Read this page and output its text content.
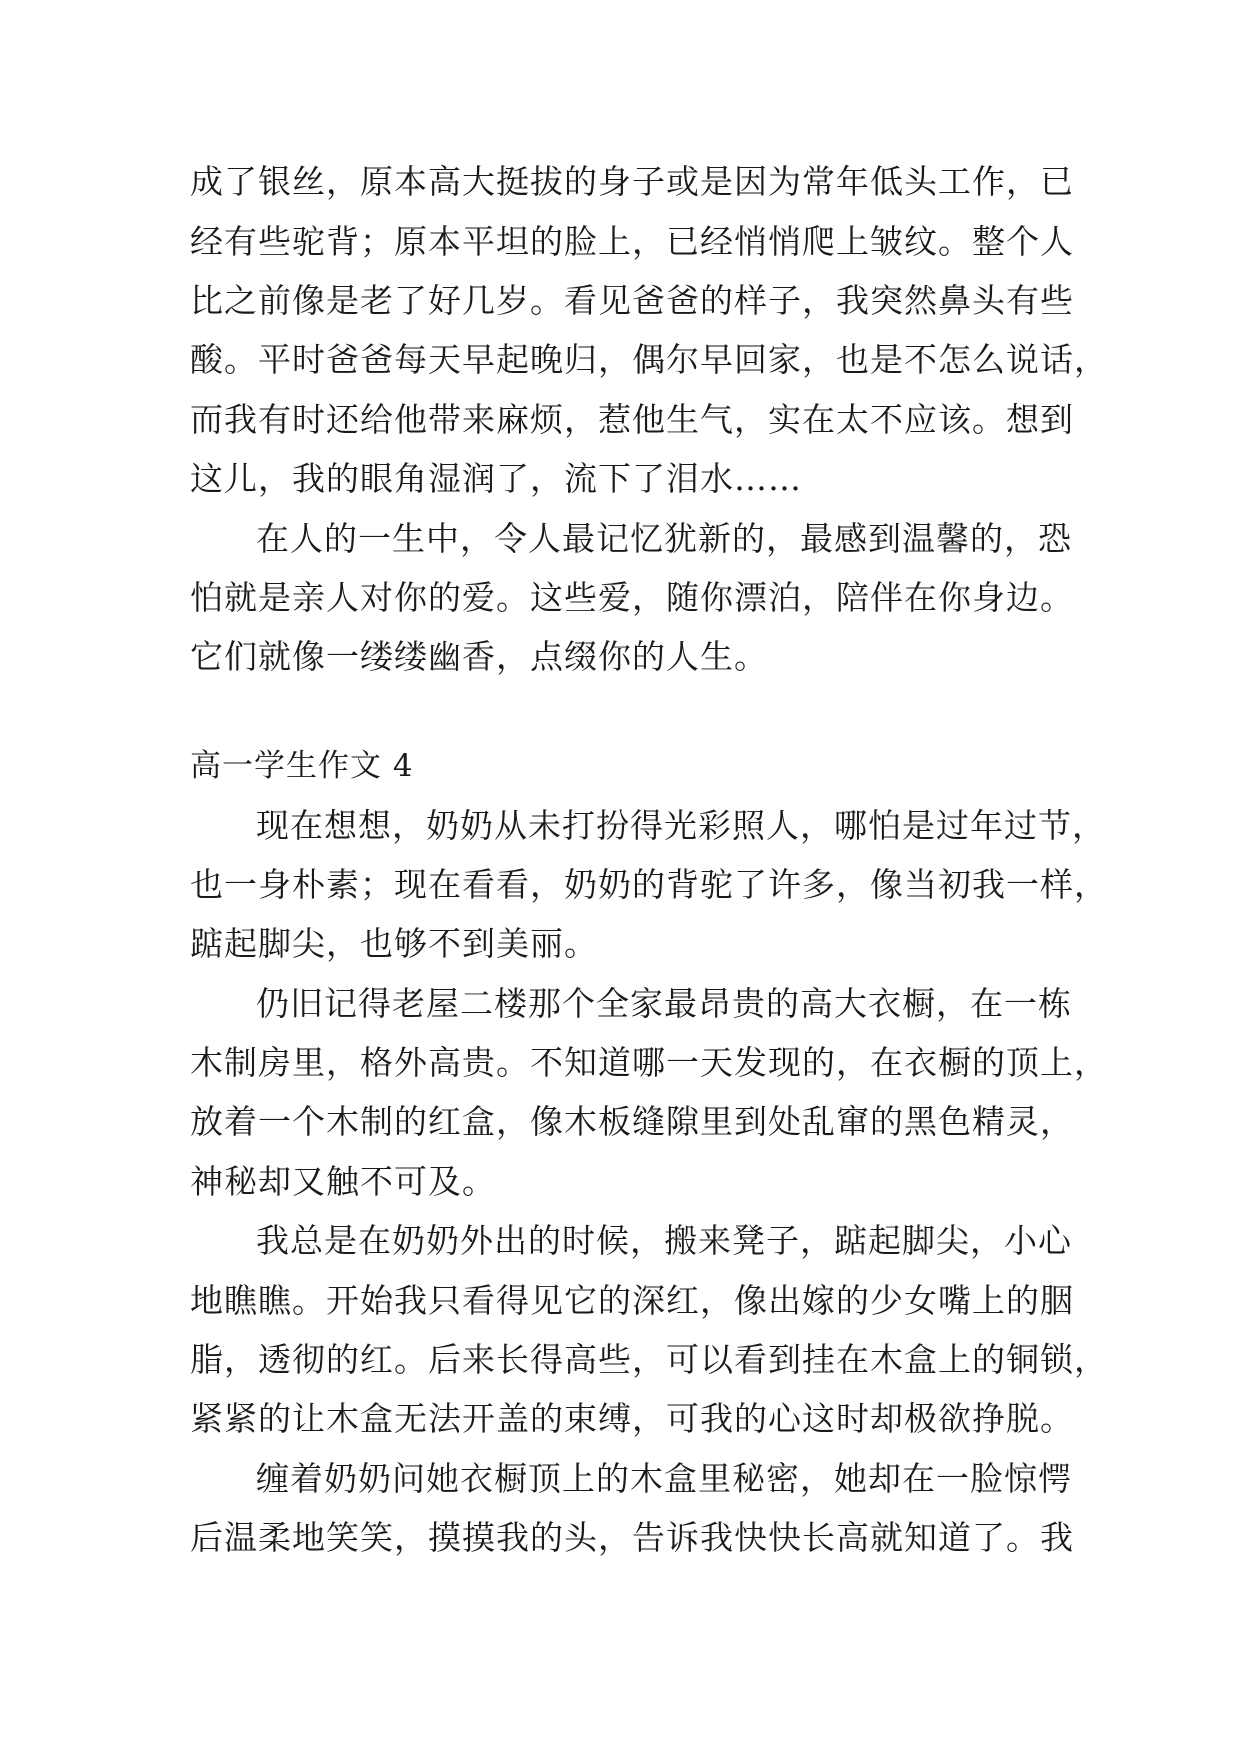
成了银丝，原本高大挺拔的身子或是因为常年低头工作，已
经有些驼背；原本平坦的脸上，已经悄悄爬上皱纹。整个人
比之前像是老了好几岁。看见爸爸的样子，我突然鼻头有些
酸。平时爸爸每天早起晚归，偶尔早回家，也是不怎么说话，
而我有时还给他带来麻烦，惹他生气，实在太不应该。想到
这儿，我的眼角湿润了，流下了泪水……
在人的一生中，令人最记忆犹新的，最感到温馨的，恐
怕就是亲人对你的爱。这些爱，随你漂泊，陪伴在你身边。
它们就像一缕缕幽香，点缀你的人生。
高一学生作文 4
现在想想，奶奶从未打扮得光彩照人，哪怕是过年过节，
也一身朴素；现在看看，奶奶的背驼了许多，像当初我一样，
踮起脚尖，也够不到美丽。
仍旧记得老屋二楼那个全家最昂贵的高大衣橱，在一栋
木制房里，格外高贵。不知道哪一天发现的，在衣橱的顶上，
放着一个木制的红盒，像木板缝隙里到处乱窜的黑色精灵，
神秘却又触不可及。
我总是在奶奶外出的时候，搬来凳子，踮起脚尖，小心
地瞧瞧。开始我只看得见它的深红，像出嫁的少女嘴上的胭
脂，透彻的红。后来长得高些，可以看到挂在木盒上的铜锁，
紧紧的让木盒无法开盖的束缚，可我的心这时却极欲挣脱。
缠着奶奶问她衣橱顶上的木盒里秘密，她却在一脸惊愕
后温柔地笑笑，摸摸我的头，告诉我快快长高就知道了。我
